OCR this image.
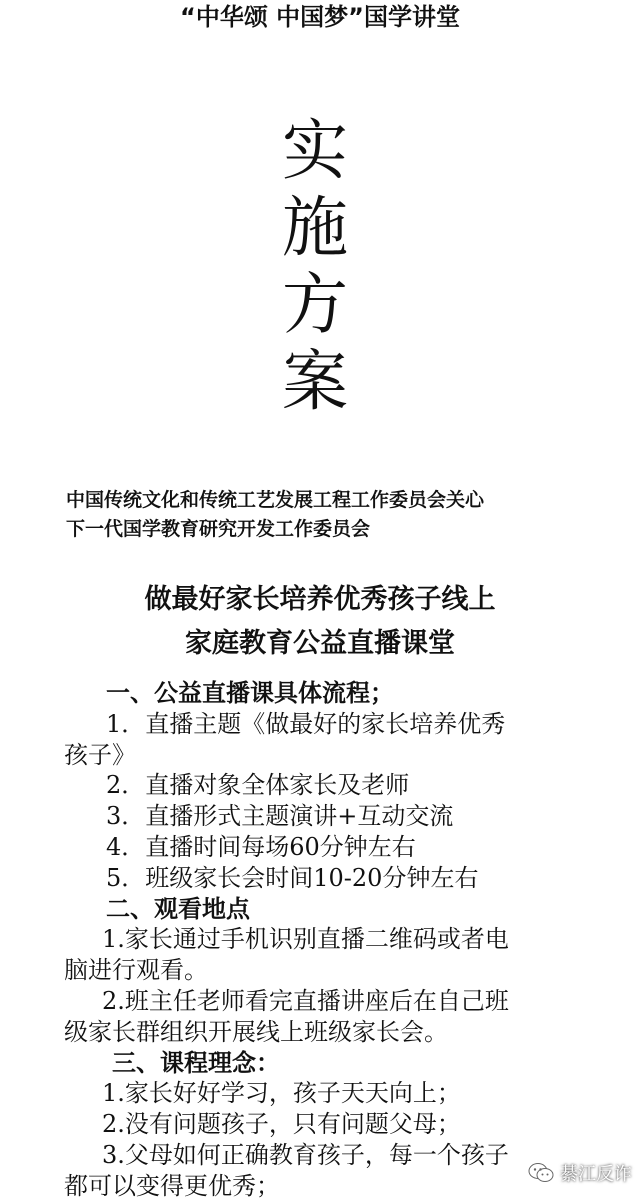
“中华颂 中国梦”国学讲堂
实
施
方
案
中国传统文化和传统工艺发展工程工作委员会关心
下一代国学教育研究开发工作委员会
做最好家长培养优秀孩子线上
家庭教育公益直播课堂
一、公益直播课具体流程；
1．直播主题《做最好的家长培养优秀
孩子》
2．直播对象全体家长及老师
3．直播形式主题演讲+互动交流
4．直播时间每场60分钟左右
5．班级家长会时间10-20分钟左右
二、观看地点
1.家长通过手机识别直播二维码或者电
脑进行观看。
2.班主任老师看完直播讲座后在自己班
级家长群组织开展线上班级家长会。
三、课程理念：
1.家长好好学习，孩子天天向上；
2.没有问题孩子，只有问题父母；
3.父母如何正确教育孩子，每一个孩子
都可以变得更优秀；	綦江反诈
